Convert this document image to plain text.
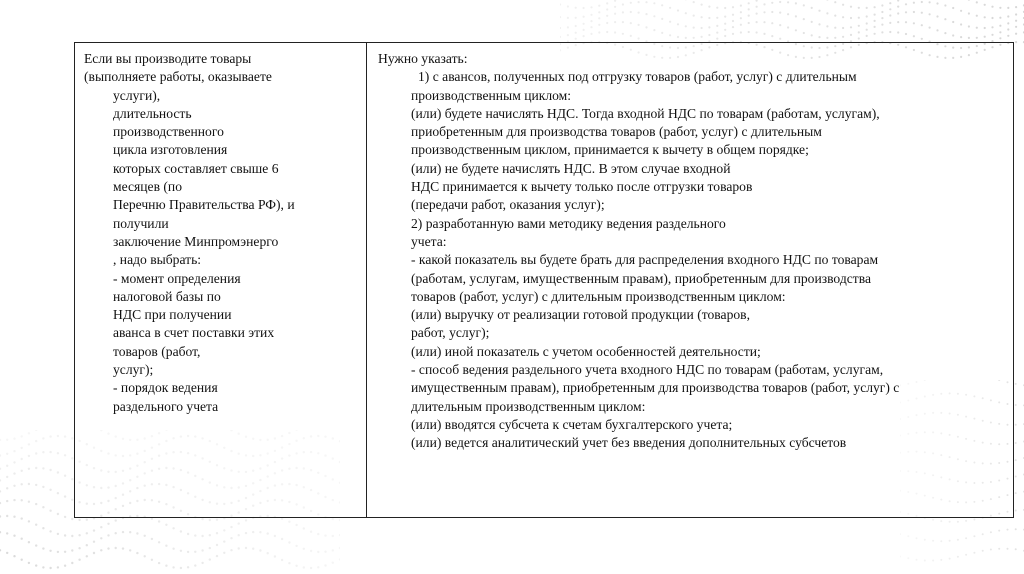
Если вы производите товары
(выполняете работы, оказываете
услуги),
длительность
производственного
цикла изготовления
которых составляет свыше 6
месяцев (по
Перечню Правительства РФ), и
получили
заключение Минпромэнерго
, надо выбрать:
- момент определения
налоговой базы по
НДС при получении
аванса в счет поставки этих
товаров (работ,
услуг);
- порядок ведения
раздельного учета
Нужно указать:
1) с авансов, полученных под отгрузку товаров (работ, услуг) с длительным
производственным циклом:
(или) будете начислять НДС. Тогда входной НДС по товарам (работам, услугам),
приобретенным для производства товаров (работ, услуг) с длительным
производственным циклом, принимается к вычету в общем порядке;
(или) не будете начислять НДС. В этом случае входной
НДС принимается к вычету только после отгрузки товаров
(передачи работ, оказания услуг);
2) разработанную вами методику ведения раздельного
учета:
- какой показатель вы будете брать для распределения входного НДС по товарам
(работам, услугам, имущественным правам), приобретенным для производства
товаров (работ, услуг) с длительным производственным циклом:
(или) выручку от реализации готовой продукции (товаров,
работ, услуг);
(или) иной показатель с учетом особенностей деятельности;
- способ ведения раздельного учета входного НДС по товарам (работам, услугам,
имущественным правам), приобретенным для производства товаров (работ, услуг) с
длительным производственным циклом:
(или) вводятся субсчета к счетам бухгалтерского учета;
(или) ведется аналитический учет без введения дополнительных субсчетов
